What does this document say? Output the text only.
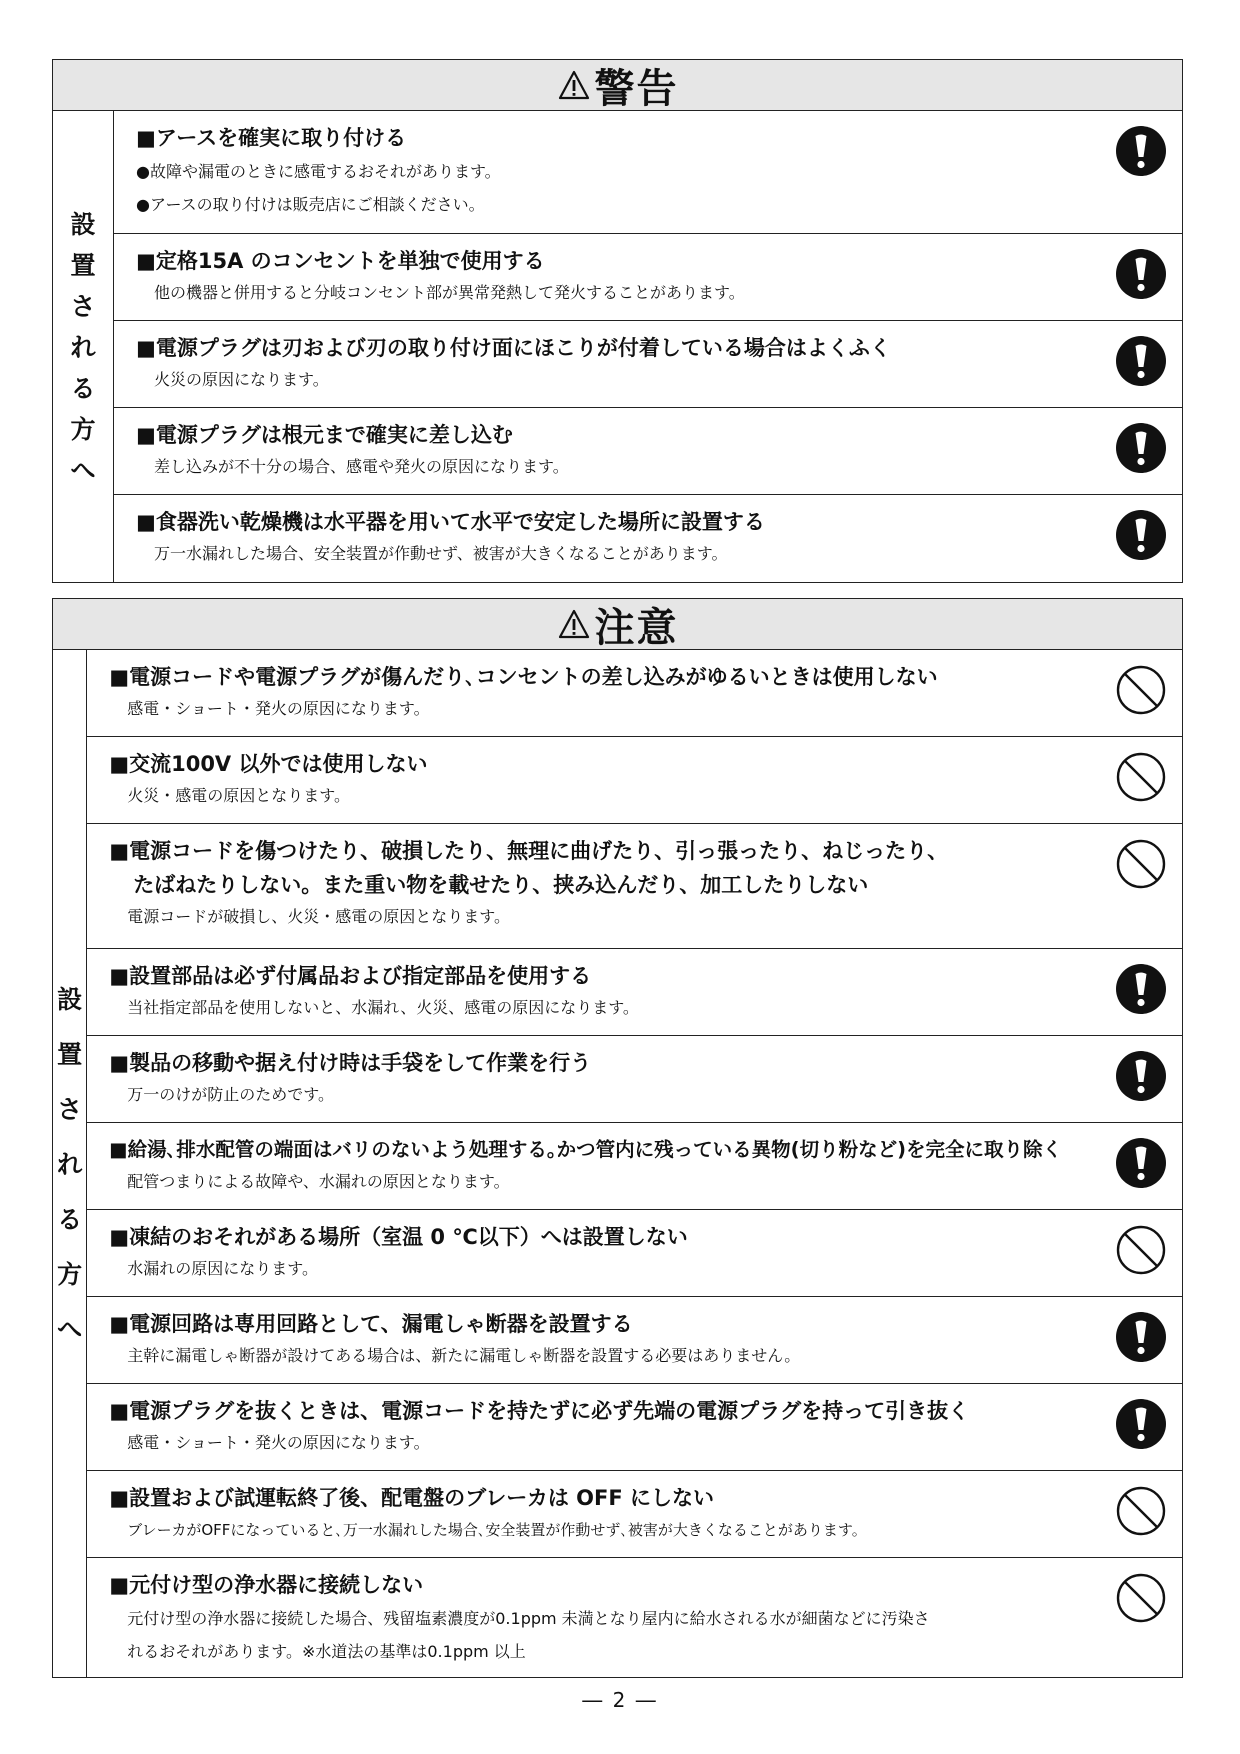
警告
設
置
さ
れ
る
方
へ
■アースを確実に取り付ける
●故障や漏電のときに感電するおそれがあります。
●アースの取り付けは販売店にご相談ください。
■定格15A のコンセントを単独で使用する
他の機器と併用すると分岐コンセント部が異常発熱して発火することがあります。
■電源プラグは刃および刃の取り付け面にほこりが付着している場合はよくふく
火災の原因になります。
■電源プラグは根元まで確実に差し込む
差し込みが不十分の場合、感電や発火の原因になります。
■食器洗い乾燥機は水平器を用いて水平で安定した場所に設置する
万一水漏れした場合、安全装置が作動せず、被害が大きくなることがあります。
注意
設
置
さ
れ
る
方
へ
■電源コードや電源プラグが傷んだり､コンセントの差し込みがゆるいときは使用しない
感電・ショート・発火の原因になります。
■交流100V 以外では使用しない
火災・感電の原因となります。
■電源コードを傷つけたり、破損したり、無理に曲げたり、引っ張ったり、ねじったり、
たばねたりしない。また重い物を載せたり、挟み込んだり、加工したりしない
電源コードが破損し、火災・感電の原因となります。
■設置部品は必ず付属品および指定部品を使用する
当社指定部品を使用しないと、水漏れ、火災、感電の原因になります。
■製品の移動や据え付け時は手袋をして作業を行う
万一のけが防止のためです。
■給湯､排水配管の端面はバリのないよう処理する｡かつ管内に残っている異物(切り粉など)を完全に取り除く
配管つまりによる故障や、水漏れの原因となります。
■凍結のおそれがある場所（室温 0 ℃以下）へは設置しない
水漏れの原因になります。
■電源回路は専用回路として、漏電しゃ断器を設置する
主幹に漏電しゃ断器が設けてある場合は、新たに漏電しゃ断器を設置する必要はありません。
■電源プラグを抜くときは、電源コードを持たずに必ず先端の電源プラグを持って引き抜く
感電・ショート・発火の原因になります。
■設置および試運転終了後、配電盤のブレーカは OFF にしない
ブレーカがOFFになっていると､万一水漏れした場合､安全装置が作動せず､被害が大きくなることがあります。
■元付け型の浄水器に接続しない
元付け型の浄水器に接続した場合、残留塩素濃度が0.1ppm 未満となり屋内に給水される水が細菌などに汚染さ
れるおそれがあります。※水道法の基準は0.1ppm 以上
― 2 ―
